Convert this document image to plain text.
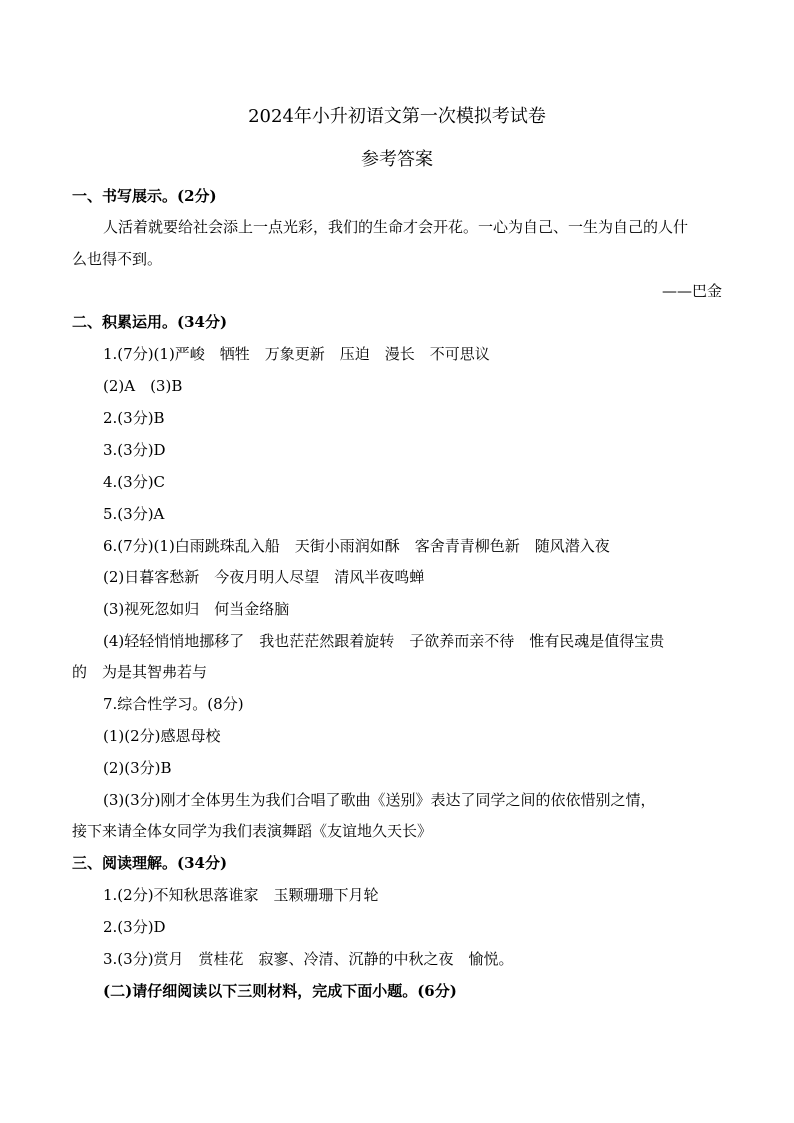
2024年小升初语文第一次模拟考试卷
参考答案
一、书写展示。(2分)
人活着就要给社会添上一点光彩，我们的生命才会开花。一心为自己、一生为自己的人什
么也得不到。
——巴金
二、积累运用。(34分)
1.(7分)(1)严峻　牺牲　万象更新　压迫　漫长　不可思议
(2)A　(3)B
2.(3分)B
3.(3分)D
4.(3分)C
5.(3分)A
6.(7分)(1)白雨跳珠乱入船　天街小雨润如酥　客舍青青柳色新　随风潜入夜
(2)日暮客愁新　今夜月明人尽望　清风半夜鸣蝉
(3)视死忽如归　何当金络脑
(4)轻轻悄悄地挪移了　我也茫茫然跟着旋转　子欲养而亲不待　惟有民魂是值得宝贵
的　为是其智弗若与
7.综合性学习。(8分)
(1)(2分)感恩母校
(2)(3分)B
(3)(3分)刚才全体男生为我们合唱了歌曲《送别》表达了同学之间的依依惜别之情，
接下来请全体女同学为我们表演舞蹈《友谊地久天长》
三、阅读理解。(34分)
1.(2分)不知秋思落谁家　玉颗珊珊下月轮
2.(3分)D
3.(3分)赏月　赏桂花　寂寥、冷清、沉静的中秋之夜　愉悦。
(二)请仔细阅读以下三则材料，完成下面小题。(6分)
